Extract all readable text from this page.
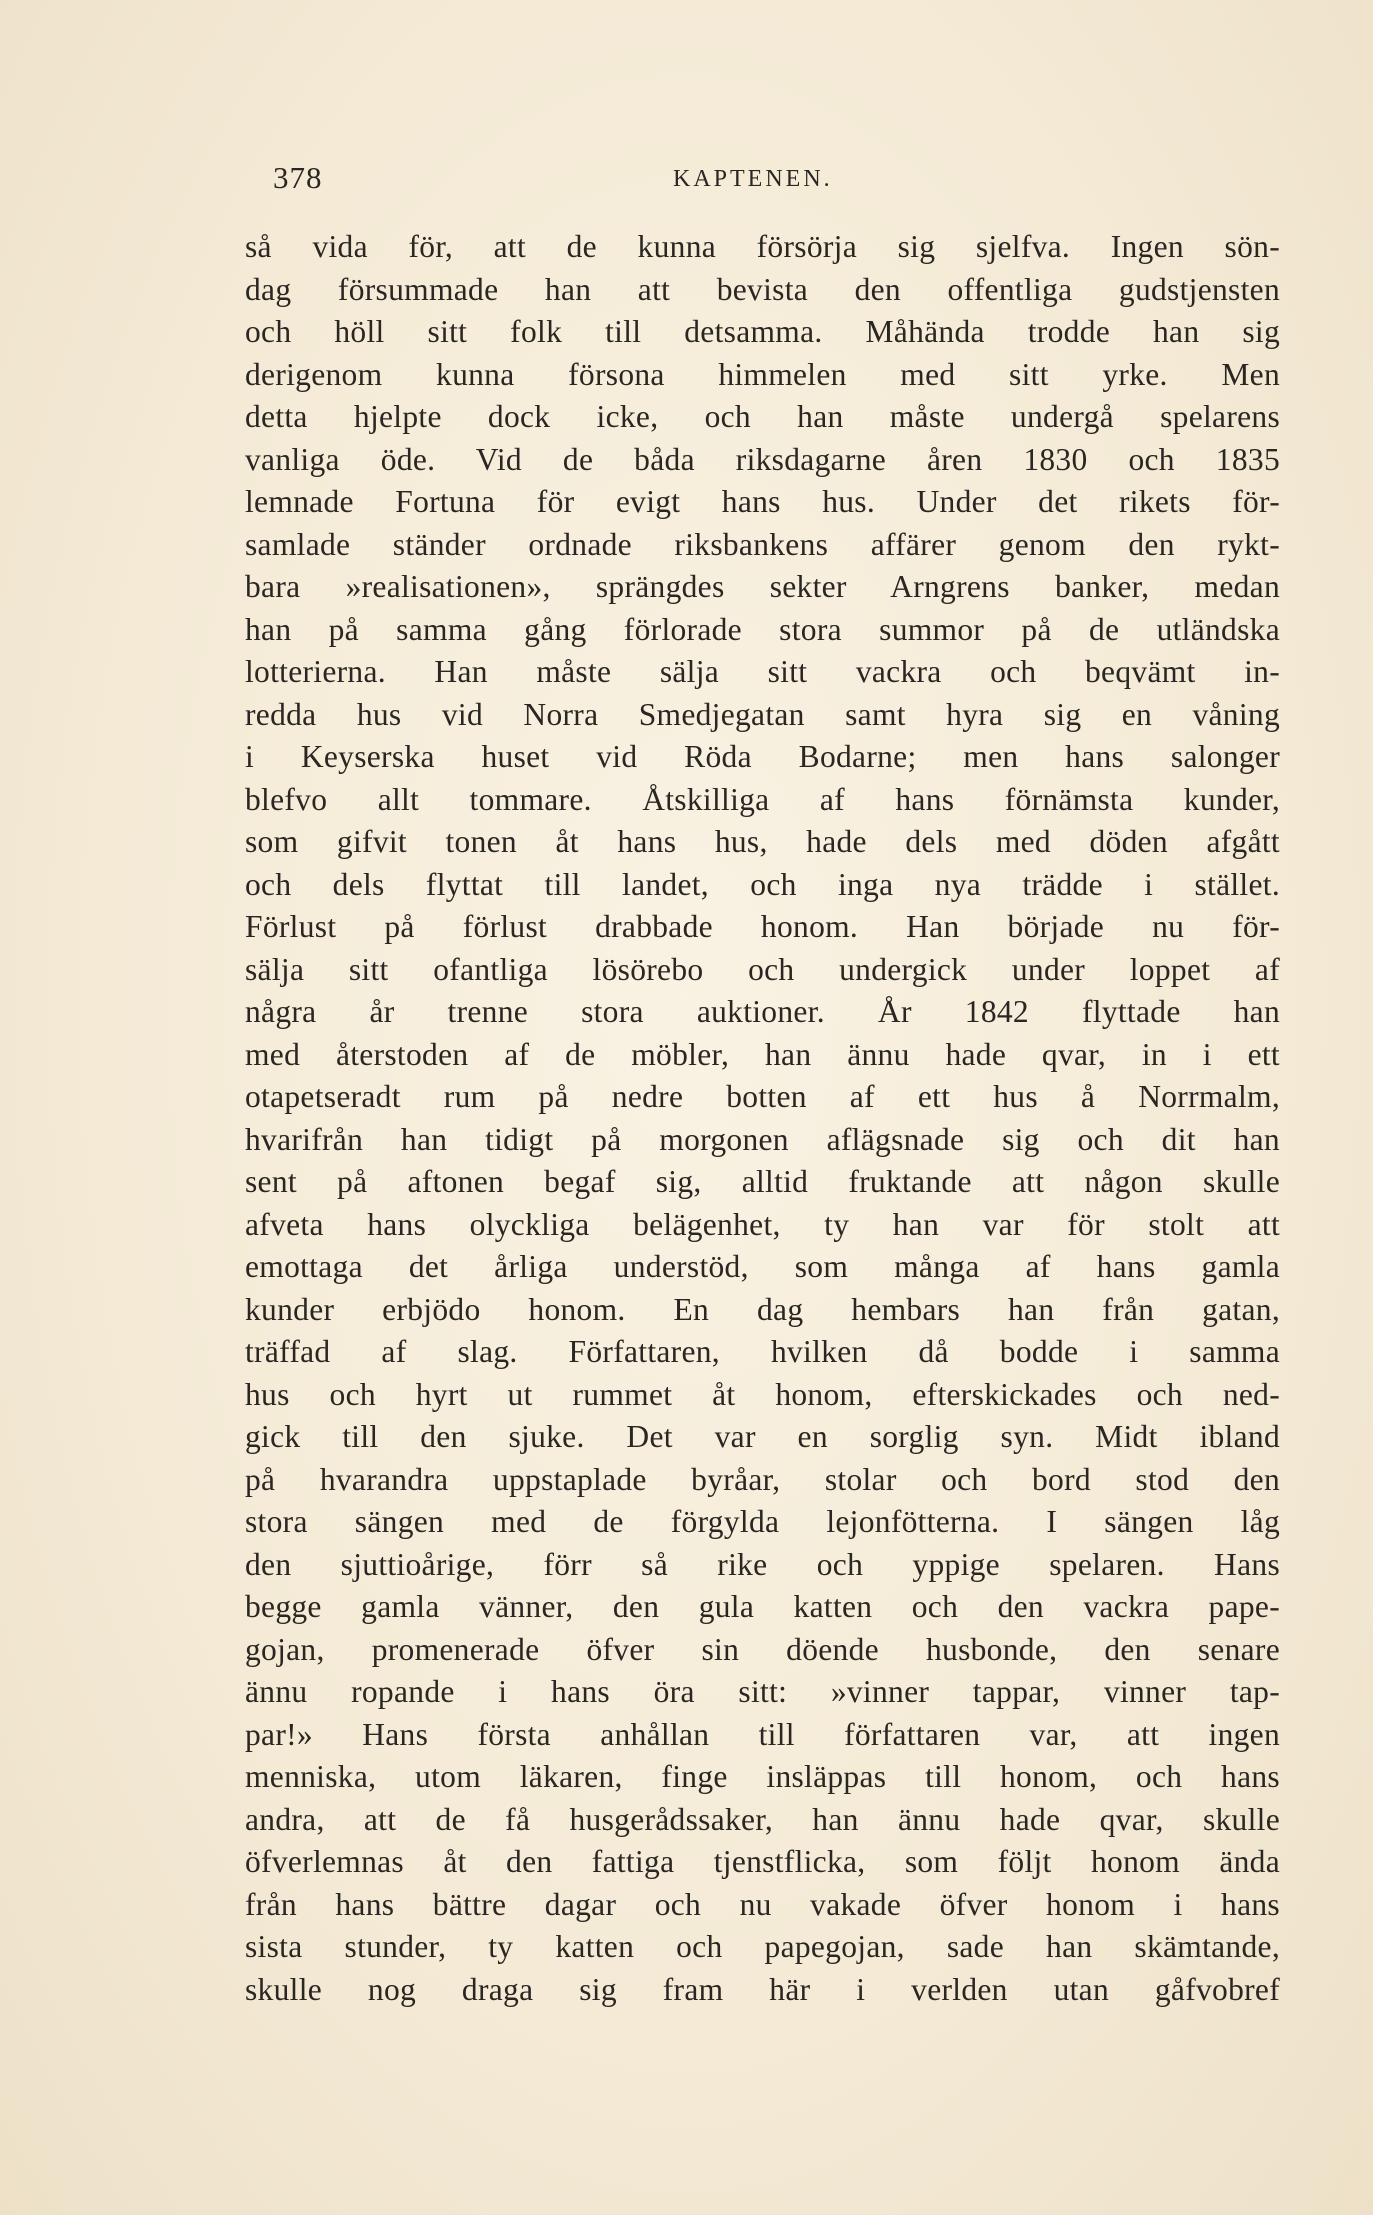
378	KAPTENEN.
så vida för, att de kunna försörja sig sjelfva. Ingen sön-
dag försummade han att bevista den offentliga gudstjensten
och höll sitt folk till detsamma. Måhända trodde han sig
derigenom kunna försona himmelen med sitt yrke. Men
detta hjelpte dock icke, och han måste undergå spelarens
vanliga öde. Vid de båda riksdagarne åren 1830 och 1835
lemnade Fortuna för evigt hans hus. Under det rikets för-
samlade ständer ordnade riksbankens affärer genom den rykt-
bara »realisationen», sprängdes sekter Arngrens banker, medan
han på samma gång förlorade stora summor på de utländska
lotterierna. Han måste sälja sitt vackra och beqvämt in-
redda hus vid Norra Smedjegatan samt hyra sig en våning
i Keyserska huset vid Röda Bodarne; men hans salonger
blefvo allt tommare. Åtskilliga af hans förnämsta kunder,
som gifvit tonen åt hans hus, hade dels med döden afgått
och dels flyttat till landet, och inga nya trädde i stället.
Förlust på förlust drabbade honom. Han började nu för-
sälja sitt ofantliga lösörebo och undergick under loppet af
några år trenne stora auktioner. År 1842 flyttade han
med återstoden af de möbler, han ännu hade qvar, in i ett
otapetseradt rum på nedre botten af ett hus å Norrmalm,
hvarifrån han tidigt på morgonen aflägsnade sig och dit han
sent på aftonen begaf sig, alltid fruktande att någon skulle
afveta hans olyckliga belägenhet, ty han var för stolt att
emottaga det årliga understöd, som många af hans gamla
kunder erbjödo honom. En dag hembars han från gatan,
träffad af slag. Författaren, hvilken då bodde i samma
hus och hyrt ut rummet åt honom, efterskickades och ned-
gick till den sjuke. Det var en sorglig syn. Midt ibland
på hvarandra uppstaplade byråar, stolar och bord stod den
stora sängen med de förgylda lejonfötterna. I sängen låg
den sjuttioårige, förr så rike och yppige spelaren. Hans
begge gamla vänner, den gula katten och den vackra pape-
gojan, promenerade öfver sin döende husbonde, den senare
ännu ropande i hans öra sitt: »vinner tappar, vinner tap-
par!» Hans första anhållan till författaren var, att ingen
menniska, utom läkaren, finge insläppas till honom, och hans
andra, att de få husgerådssaker, han ännu hade qvar, skulle
öfverlemnas åt den fattiga tjenstflicka, som följt honom ända
från hans bättre dagar och nu vakade öfver honom i hans
sista stunder, ty katten och papegojan, sade han skämtande,
skulle nog draga sig fram här i verlden utan gåfvobref
